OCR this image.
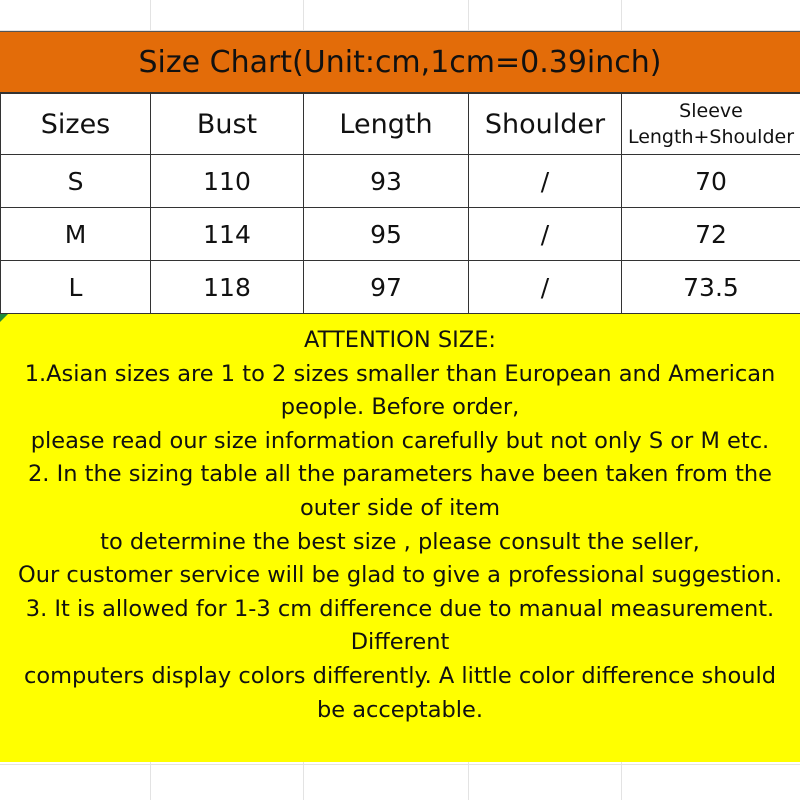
Size Chart(Unit:cm,1cm=0.39inch)
Sizes	Bust	Length	Shoulder	Sleeve
Length+Shoulder

S	110	93	/	70
M	114	95	/	72
L	118	97	/	73.5
ATTENTION SIZE:
1.Asian sizes are 1 to 2 sizes smaller than European and American people. Before order,
please read our size information carefully but not only S or M etc.
2. In the sizing table all the parameters have been taken from the outer side of item
to determine the best size , please consult the seller,
Our customer service will be glad to give a professional suggestion.
3. It is allowed for 1-3 cm difference due to manual measurement. Different
computers display colors differently. A little color difference should be acceptable.
